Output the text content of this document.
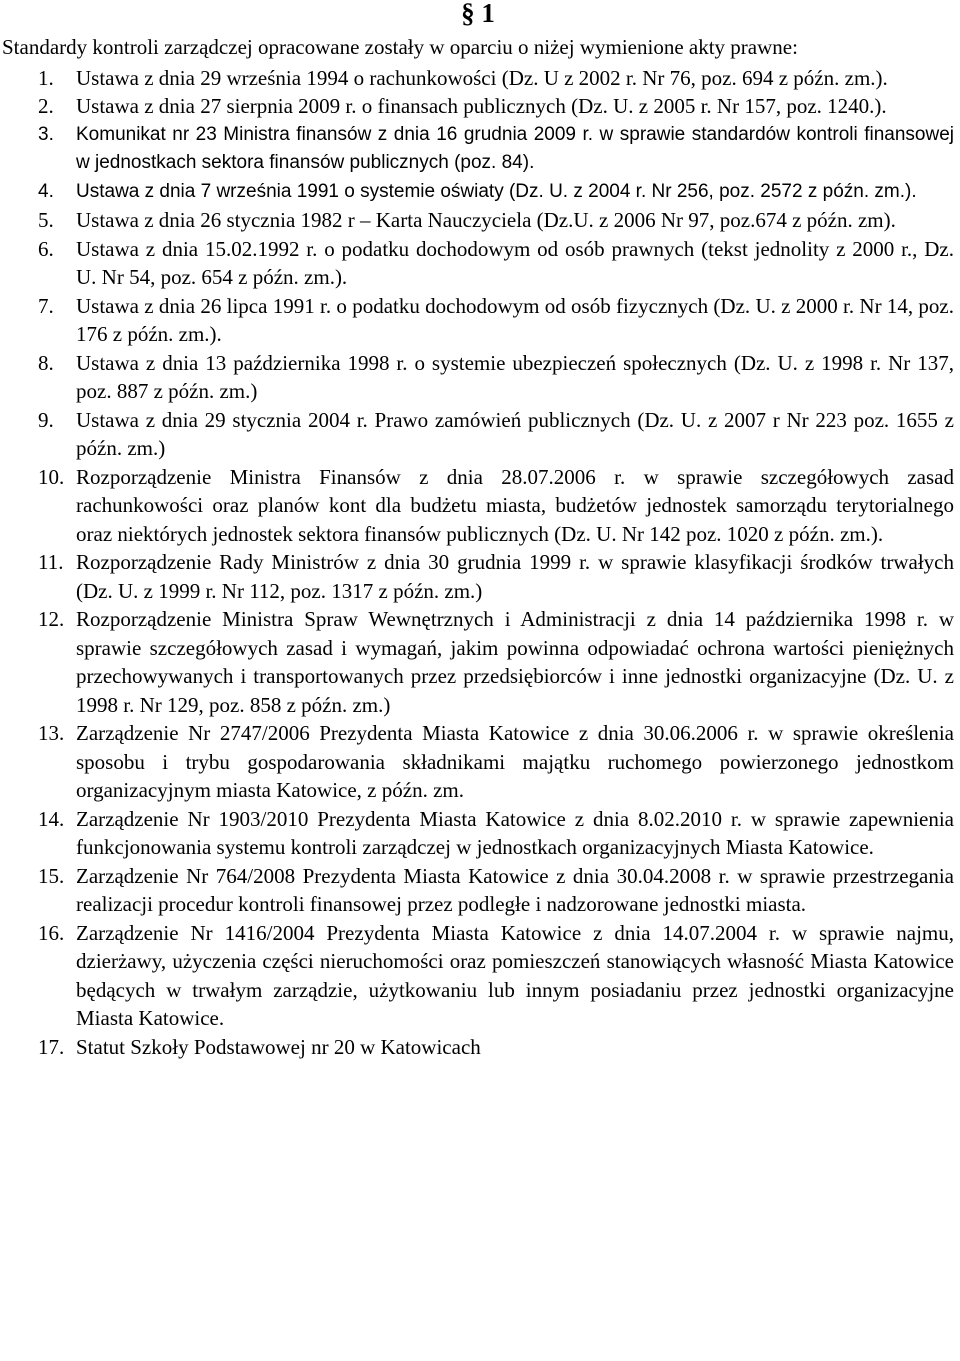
§ 1

Standardy kontroli zarządczej opracowane zostały w oparciu o niżej wymienione akty prawne:

1.	Ustawa z dnia 29 września 1994 o rachunkowości (Dz. U z 2002 r. Nr 76, poz. 694 z późn. zm.).
2.	Ustawa z dnia 27 sierpnia 2009 r. o finansach publicznych (Dz. U. z 2005 r. Nr 157, poz. 1240.).
3.	Komunikat nr 23 Ministra finansów z dnia 16 grudnia 2009 r. w sprawie standardów kontroli finansowej w jednostkach sektora finansów publicznych (poz. 84).
4.	Ustawa z dnia 7 września 1991 o systemie oświaty (Dz. U. z 2004 r. Nr 256, poz. 2572 z późn. zm.).
5.	Ustawa z dnia 26 stycznia 1982 r – Karta Nauczyciela (Dz.U. z 2006 Nr 97, poz.674 z późn. zm).
6.	Ustawa z dnia 15.02.1992 r. o podatku dochodowym od osób prawnych (tekst jednolity z 2000 r., Dz. U. Nr 54, poz. 654 z późn. zm.).
7.	Ustawa z dnia 26 lipca 1991 r. o podatku dochodowym od osób fizycznych (Dz. U. z 2000 r. Nr 14, poz. 176 z późn. zm.).
8.	Ustawa z dnia 13 października 1998 r. o systemie ubezpieczeń społecznych (Dz. U. z 1998 r. Nr 137, poz. 887 z późn. zm.)
9.	Ustawa z dnia 29 stycznia 2004 r. Prawo zamówień publicznych (Dz. U. z 2007 r Nr 223 poz. 1655 z późn. zm.)
10. Rozporządzenie Ministra Finansów z dnia 28.07.2006 r. w sprawie szczegółowych zasad rachunkowości oraz planów kont dla budżetu miasta, budżetów jednostek samorządu terytorialnego oraz niektórych jednostek sektora finansów publicznych (Dz. U. Nr 142 poz. 1020 z późn. zm.).
11. Rozporządzenie Rady Ministrów z dnia 30 grudnia 1999 r. w sprawie klasyfikacji środków trwałych (Dz. U. z 1999 r. Nr 112, poz. 1317 z późn. zm.)
12. Rozporządzenie Ministra Spraw Wewnętrznych i Administracji z dnia 14 października 1998 r. w sprawie szczegółowych zasad i wymagań, jakim powinna odpowiadać ochrona wartości pieniężnych przechowywanych i transportowanych przez przedsiębiorców i inne jednostki organizacyjne (Dz. U. z 1998 r. Nr 129, poz. 858 z późn. zm.)
13. Zarządzenie Nr 2747/2006 Prezydenta Miasta Katowice z dnia 30.06.2006 r. w sprawie określenia sposobu i trybu gospodarowania składnikami majątku ruchomego powierzonego jednostkom organizacyjnym miasta Katowice, z późn. zm.
14. Zarządzenie Nr 1903/2010 Prezydenta Miasta Katowice z dnia 8.02.2010 r. w sprawie zapewnienia funkcjonowania systemu kontroli zarządczej w jednostkach organizacyjnych Miasta Katowice.
15. Zarządzenie Nr 764/2008 Prezydenta Miasta Katowice z dnia 30.04.2008 r. w sprawie przestrzegania realizacji procedur kontroli finansowej przez podległe i nadzorowane jednostki miasta.
16. Zarządzenie Nr 1416/2004 Prezydenta Miasta Katowice z dnia 14.07.2004 r. w sprawie najmu, dzierżawy, użyczenia części nieruchomości oraz pomieszczeń stanowiących własność Miasta Katowice będących w trwałym zarządzie, użytkowaniu lub innym posiadaniu przez jednostki organizacyjne Miasta Katowice.
17. Statut Szkoły Podstawowej nr 20 w Katowicach
